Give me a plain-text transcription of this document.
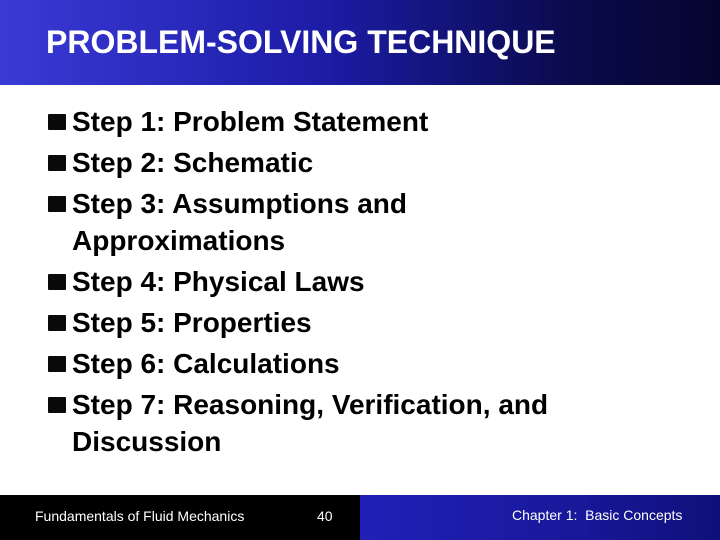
PROBLEM-SOLVING TECHNIQUE
Step 1: Problem Statement
Step 2: Schematic
Step 3: Assumptions and
Approximations
Step 4: Physical Laws
Step 5: Properties
Step 6: Calculations
Step 7: Reasoning, Verification, and
Discussion
Fundamentals of Fluid Mechanics	40	Chapter 1:  Basic Concepts
